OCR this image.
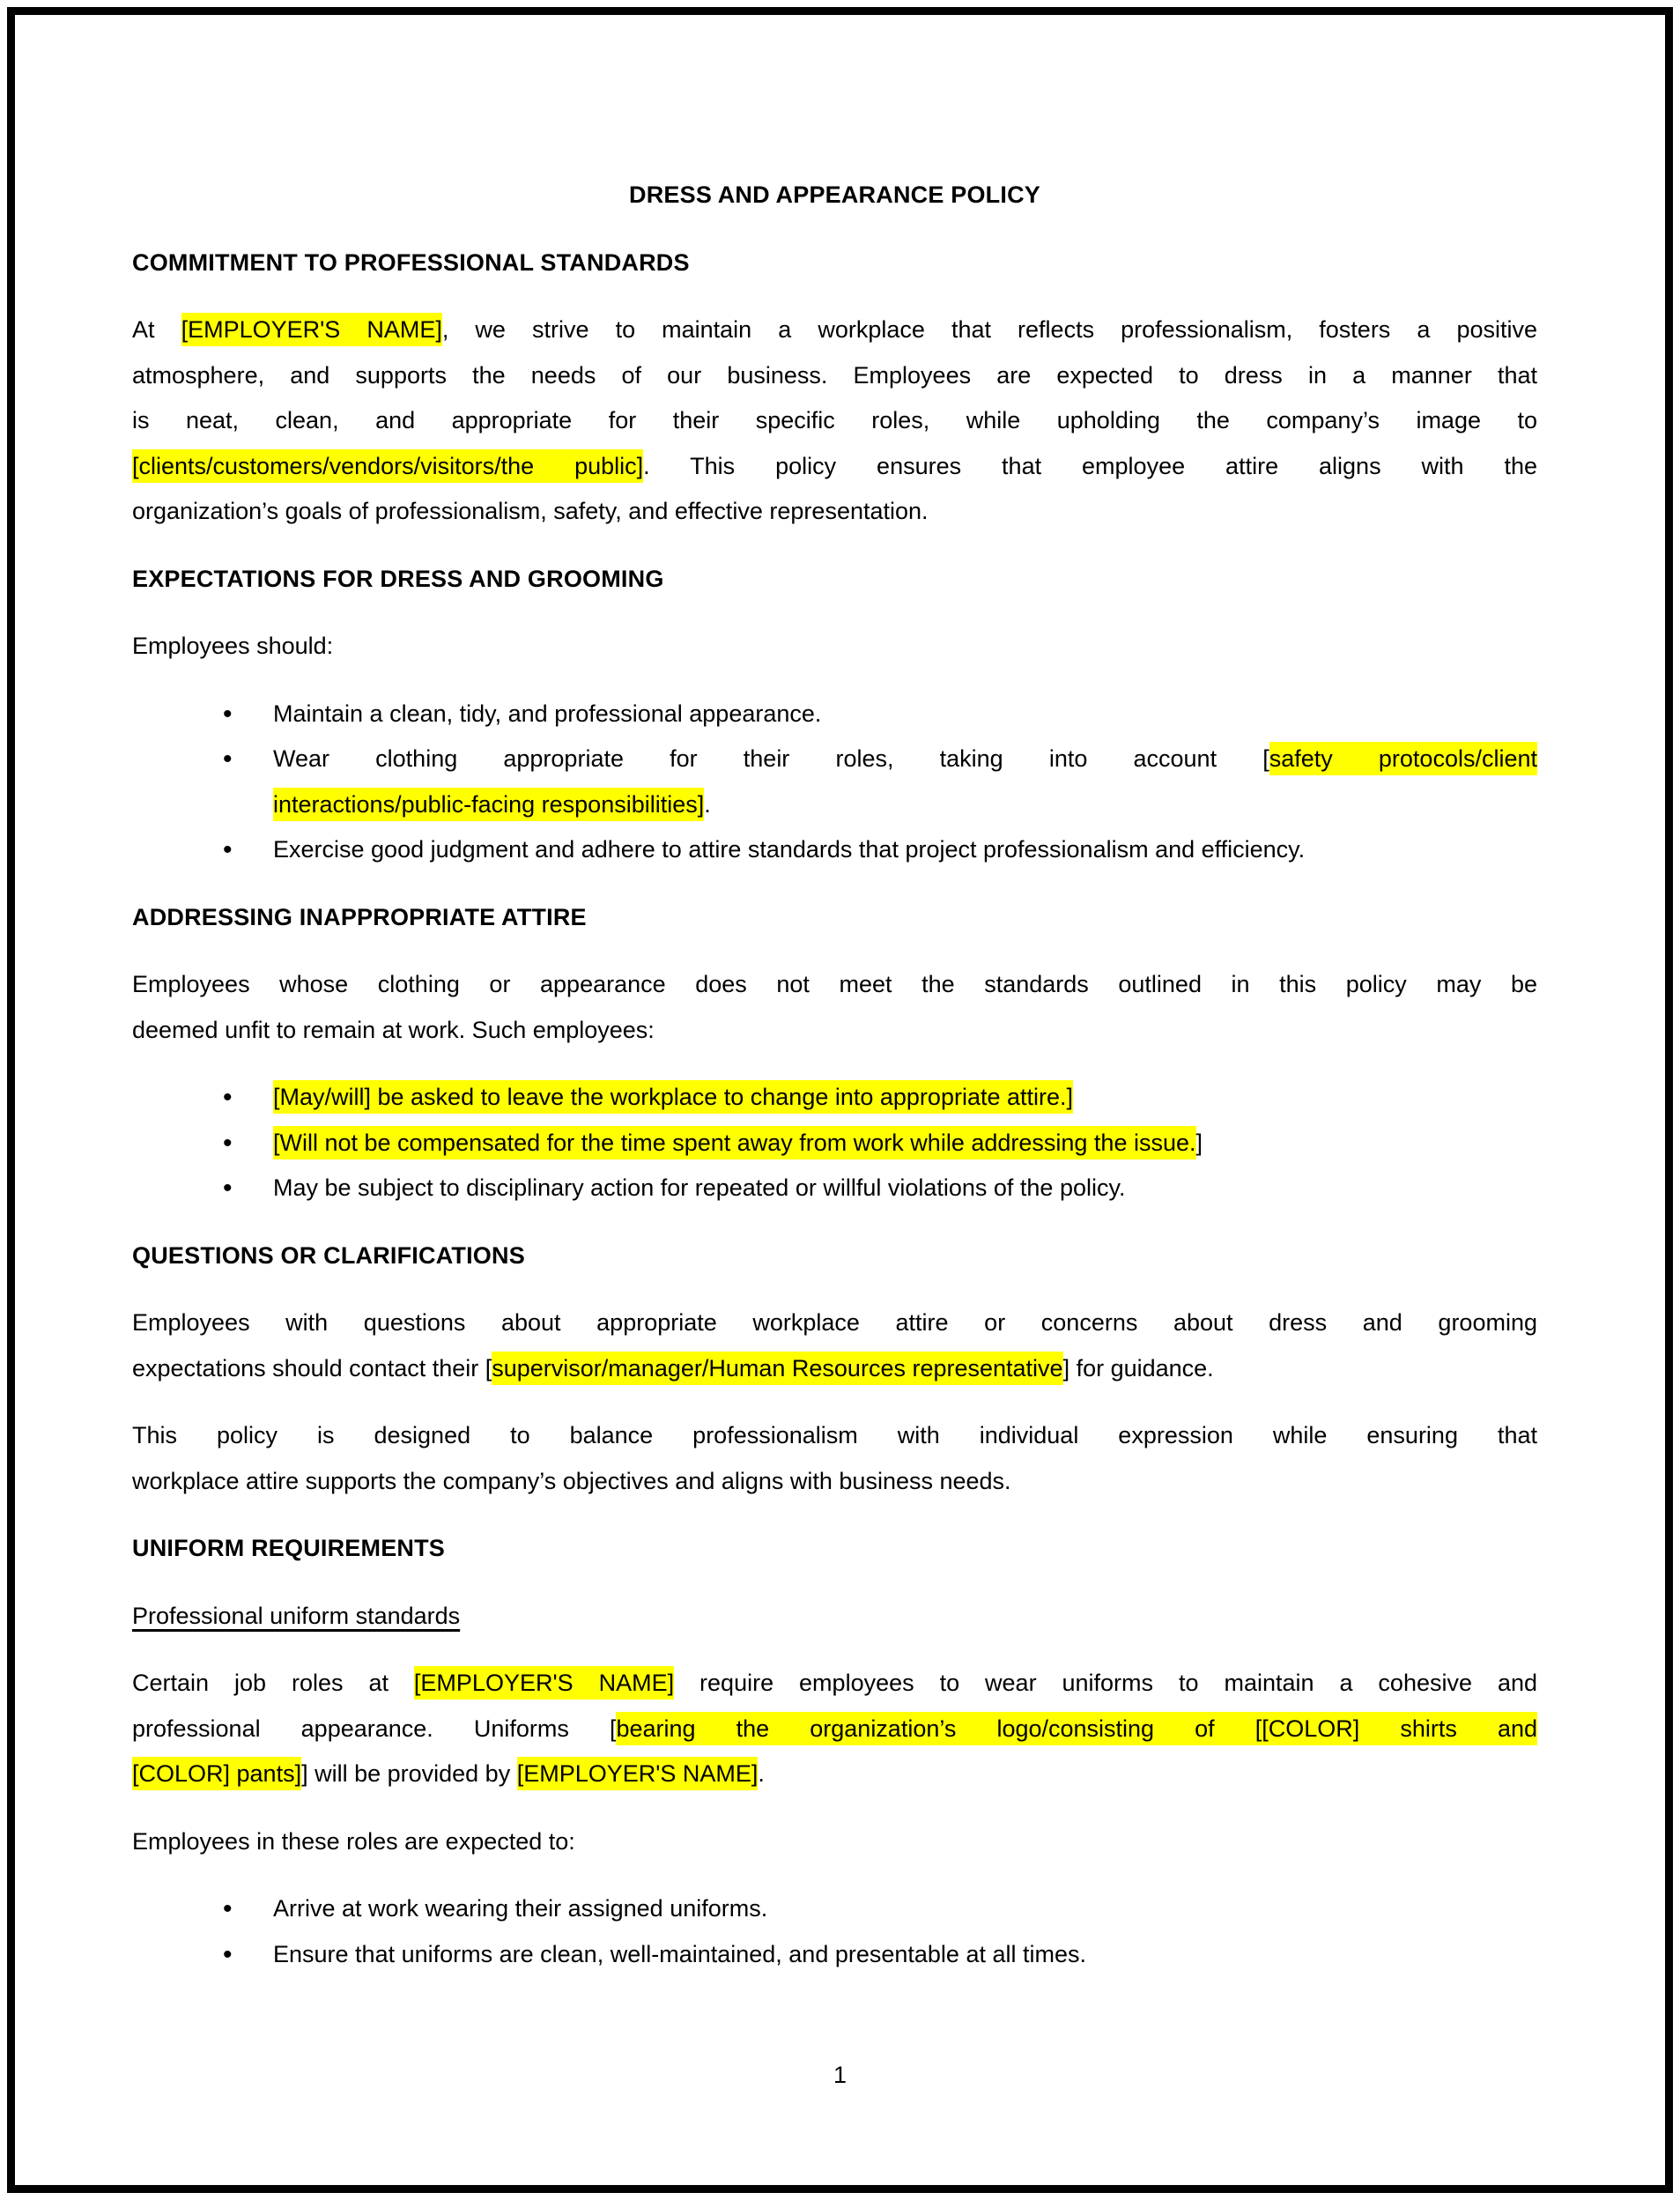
DRESS AND APPEARANCE POLICY
COMMITMENT TO PROFESSIONAL STANDARDS
At [EMPLOYER'S NAME], we strive to maintain a workplace that reflects professionalism, fosters a positive
atmosphere, and supports the needs of our business. Employees are expected to dress in a manner that
is neat, clean, and appropriate for their specific roles, while upholding the company’s image to
[clients/customers/vendors/visitors/the public]. This policy ensures that employee attire aligns with the
organization’s goals of professionalism, safety, and effective representation.
EXPECTATIONS FOR DRESS AND GROOMING
Employees should:
• Maintain a clean, tidy, and professional appearance.
• Wear clothing appropriate for their roles, taking into account [safety protocols/client
interactions/public-facing responsibilities].
• Exercise good judgment and adhere to attire standards that project professionalism and efficiency.
ADDRESSING INAPPROPRIATE ATTIRE
Employees whose clothing or appearance does not meet the standards outlined in this policy may be
deemed unfit to remain at work. Such employees:
• [May/will] be asked to leave the workplace to change into appropriate attire.]
• [Will not be compensated for the time spent away from work while addressing the issue.]
• May be subject to disciplinary action for repeated or willful violations of the policy.
QUESTIONS OR CLARIFICATIONS
Employees with questions about appropriate workplace attire or concerns about dress and grooming
expectations should contact their [supervisor/manager/Human Resources representative] for guidance.
This policy is designed to balance professionalism with individual expression while ensuring that
workplace attire supports the company’s objectives and aligns with business needs.
UNIFORM REQUIREMENTS
Professional uniform standards
Certain job roles at [EMPLOYER'S NAME] require employees to wear uniforms to maintain a cohesive and
professional appearance. Uniforms [bearing the organization’s logo/consisting of [[COLOR] shirts and
[COLOR] pants]] will be provided by [EMPLOYER'S NAME].
Employees in these roles are expected to:
• Arrive at work wearing their assigned uniforms.
• Ensure that uniforms are clean, well-maintained, and presentable at all times.
1
